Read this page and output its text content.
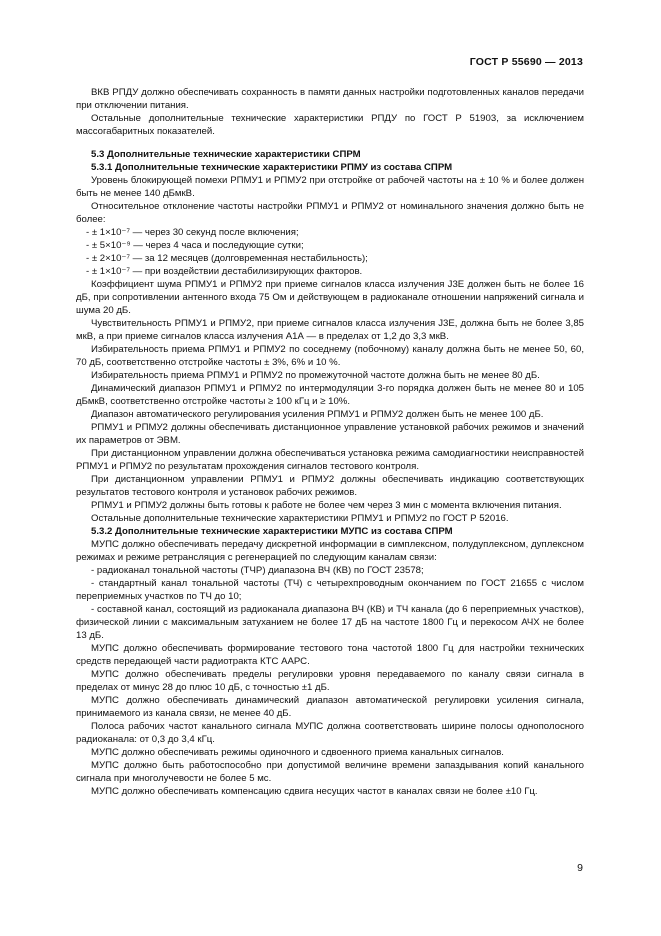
ГОСТ Р 55690 — 2013

ВКВ РПДУ должно обеспечивать сохранность в памяти данных настройки подготовленных каналов передачи при отключении питания.

Остальные дополнительные технические характеристики РПДУ по ГОСТ Р 51903, за исключением массогабаритных показателей.

5.3 Дополнительные технические характеристики СПРМ

5.3.1 Дополнительные технические характеристики РПМУ из состава СПРМ

Уровень блокирующей помехи РПМУ1 и РПМУ2 при отстройке от рабочей частоты на ± 10 % и более должен быть не менее 140 дБмкВ.

Относительное отклонение частоты настройки РПМУ1 и РПМУ2 от номинального значения должно быть не более:

- ± 1×10⁻⁷ — через 30 секунд после включения;

- ± 5×10⁻⁹ — через 4 часа и последующие сутки;

- ± 2×10⁻⁷ — за 12 месяцев (долговременная нестабильность);

- ± 1×10⁻⁷ — при воздействии дестабилизирующих факторов.

Коэффициент шума РПМУ1 и РПМУ2 при приеме сигналов класса излучения J3E должен быть не более 16 дБ, при сопротивлении антенного входа 75 Ом и действующем в радиоканале отношении напряжений сигнала и шума 20 дБ.

Чувствительность РПМУ1 и РПМУ2, при приеме сигналов класса излучения J3E, должна быть не более 3,85 мкВ, а при приеме сигналов класса излучения А1А — в пределах от 1,2 до 3,3 мкВ.

Избирательность приема РПМУ1 и РПМУ2 по соседнему (побочному) каналу должна быть не менее 50, 60, 70 дБ, соответственно отстройке частоты ± 3%, 6% и 10 %.

Избирательность приема РПМУ1 и РПМУ2 по промежуточной частоте должна быть не менее 80 дБ.

Динамический диапазон РПМУ1 и РПМУ2 по интермодуляции 3-го порядка должен быть не менее 80 и 105 дБмкВ, соответственно отстройке частоты ≥ 100 кГц и ≥ 10%.

Диапазон автоматического регулирования усиления РПМУ1 и РПМУ2 должен быть не менее 100 дБ.

РПМУ1 и РПМУ2 должны обеспечивать дистанционное управление установкой рабочих режимов и значений их параметров от ЭВМ.

При дистанционном управлении должна обеспечиваться установка режима самодиагностики неисправностей РПМУ1 и РПМУ2 по результатам прохождения сигналов тестового контроля.

При дистанционном управлении РПМУ1 и РПМУ2 должны обеспечивать индикацию соответствующих результатов тестового контроля и установок рабочих режимов.

РПМУ1 и РПМУ2 должны быть готовы к работе не более чем через 3 мин с момента включения питания.

Остальные дополнительные технические характеристики РПМУ1 и РПМУ2 по ГОСТ Р 52016.

5.3.2 Дополнительные технические характеристики МУПС из состава СПРМ

МУПС должно обеспечивать передачу дискретной информации в симплексном, полудуплексном, дуплексном режимах и режиме ретрансляция с регенерацией по следующим каналам связи:

- радиоканал тональной частоты (ТЧР) диапазона ВЧ (КВ) по ГОСТ 23578;

- стандартный канал тональной частоты (ТЧ) с четырехпроводным окончанием по ГОСТ 21655 с числом переприемных участков по ТЧ до 10;

- составной канал, состоящий из радиоканала диапазона ВЧ (КВ) и ТЧ канала (до 6 переприемных участков), физической линии с максимальным затуханием не более 17 дБ на частоте 1800 Гц и перекосом АЧХ не более 13 дБ.

МУПС должно обеспечивать формирование тестового тона частотой 1800 Гц для настройки технических средств передающей части радиотракта КТС ААРС.

МУПС должно обеспечивать пределы регулировки уровня передаваемого по каналу связи сигнала в пределах от минус 28 до плюс 10 дБ, с точностью ±1 дБ.

МУПС должно обеспечивать динамический диапазон автоматической регулировки усиления сигнала, принимаемого из канала связи, не менее 40 дБ.

Полоса рабочих частот канального сигнала МУПС должна соответствовать ширине полосы однополосного радиоканала: от 0,3 до 3,4 кГц.

МУПС должно обеспечивать режимы одиночного и сдвоенного приема канальных сигналов.

МУПС должно быть работоспособно при допустимой величине времени запаздывания копий канального сигнала при многолучевости не более 5 мс.

МУПС должно обеспечивать компенсацию сдвига несущих частот в каналах связи не более ±10 Гц.

9
